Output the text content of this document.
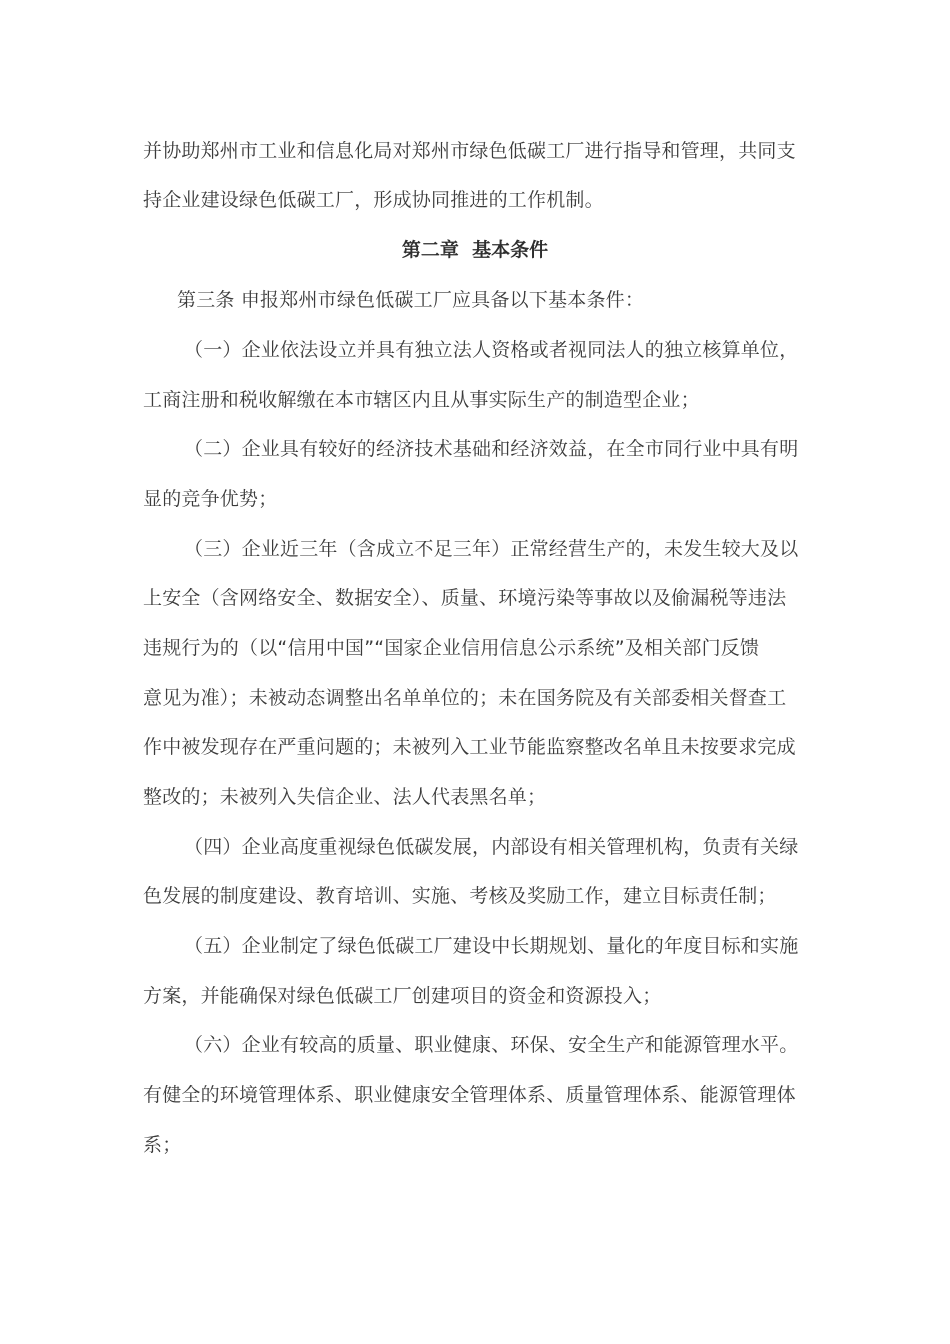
并协助郑州市工业和信息化局对郑州市绿色低碳工厂进行指导和管理，共同支
持企业建设绿色低碳工厂，形成协同推进的工作机制。
第二章  基本条件
第三条 申报郑州市绿色低碳工厂应具备以下基本条件：
（一）企业依法设立并具有独立法人资格或者视同法人的独立核算单位，
工商注册和税收解缴在本市辖区内且从事实际生产的制造型企业；
（二）企业具有较好的经济技术基础和经济效益，在全市同行业中具有明
显的竞争优势；
（三）企业近三年（含成立不足三年）正常经营生产的，未发生较大及以
上安全（含网络安全、数据安全）、质量、环境污染等事故以及偷漏税等违法
违规行为的（以“信用中国”“国家企业信用信息公示系统”及相关部门反馈
意见为准）；未被动态调整出名单单位的；未在国务院及有关部委相关督查工
作中被发现存在严重问题的；未被列入工业节能监察整改名单且未按要求完成
整改的；未被列入失信企业、法人代表黑名单；
（四）企业高度重视绿色低碳发展，内部设有相关管理机构，负责有关绿
色发展的制度建设、教育培训、实施、考核及奖励工作，建立目标责任制；
（五）企业制定了绿色低碳工厂建设中长期规划、量化的年度目标和实施
方案，并能确保对绿色低碳工厂创建项目的资金和资源投入；
（六）企业有较高的质量、职业健康、环保、安全生产和能源管理水平。
有健全的环境管理体系、职业健康安全管理体系、质量管理体系、能源管理体
系；
